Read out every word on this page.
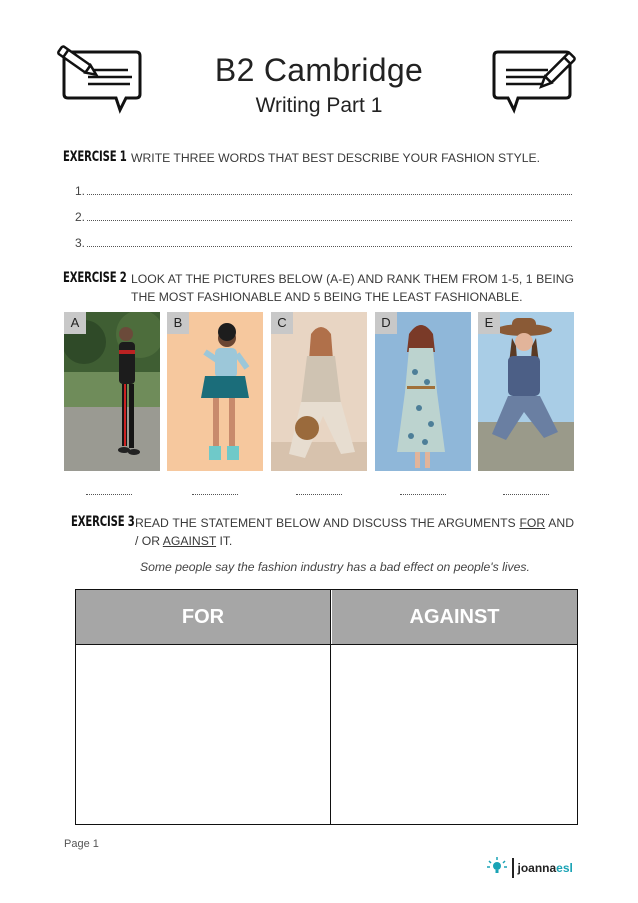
B2 Cambridge
Writing Part 1
EXERCISE 1 WRITE THREE WORDS THAT BEST DESCRIBE YOUR FASHION STYLE.
1.
2.
3.
EXERCISE 2 LOOK AT THE PICTURES BELOW (A-E) AND RANK THEM FROM 1-5, 1 BEING THE MOST FASHIONABLE AND 5 BEING THE LEAST FASHIONABLE.
A	B	C	D	E
EXERCISE 3 READ THE STATEMENT BELOW AND DISCUSS THE ARGUMENTS FOR AND / OR AGAINST IT.
Some people say the fashion industry has a bad effect on people's lives.
FOR	AGAINST
Page 1
joannaesl
